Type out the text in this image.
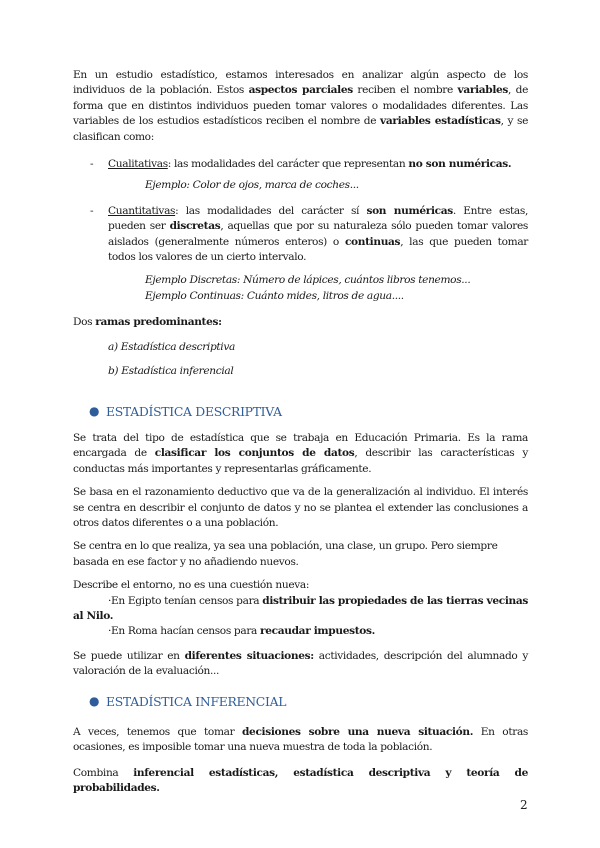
En un estudio estadístico, estamos interesados en analizar algún aspecto de los individuos de la población. Estos aspectos parciales reciben el nombre variables, de forma que en distintos individuos pueden tomar valores o modalidades diferentes. Las variables de los estudios estadísticos reciben el nombre de variables estadísticas, y se clasifican como:

- Cualitativas: las modalidades del carácter que representan no son numéricas.

Ejemplo: Color de ojos, marca de coches...

- Cuantitativas: las modalidades del carácter sí son numéricas. Entre estas, pueden ser discretas, aquellas que por su naturaleza sólo pueden tomar valores aislados (generalmente números enteros) o continuas, las que pueden tomar todos los valores de un cierto intervalo.

Ejemplo Discretas: Número de lápices, cuántos libros tenemos...

Ejemplo Continuas: Cuánto mides, litros de agua....

Dos ramas predominantes:

a) Estadística descriptiva

b) Estadística inferencial

● ESTADÍSTICA DESCRIPTIVA

Se trata del tipo de estadística que se trabaja en Educación Primaria. Es la rama encargada de clasificar los conjuntos de datos, describir las características y conductas más importantes y representarlas gráficamente.

Se basa en el razonamiento deductivo que va de la generalización al individuo. El interés se centra en describir el conjunto de datos y no se plantea el extender las conclusiones a otros datos diferentes o a una población.

Se centra en lo que realiza, ya sea una población, una clase, un grupo. Pero siempre

basada en ese factor y no añadiendo nuevos.

Describe el entorno, no es una cuestión nueva:

·En Egipto tenían censos para distribuir las propiedades de las tierras vecinas al Nilo.

·En Roma hacían censos para recaudar impuestos.

Se puede utilizar en diferentes situaciones: actividades, descripción del alumnado y valoración de la evaluación...

● ESTADÍSTICA INFERENCIAL

A veces, tenemos que tomar decisiones sobre una nueva situación. En otras ocasiones, es imposible tomar una nueva muestra de toda la población.

Combina inferencial estadísticas, estadística descriptiva y teoría de probabilidades.

2
